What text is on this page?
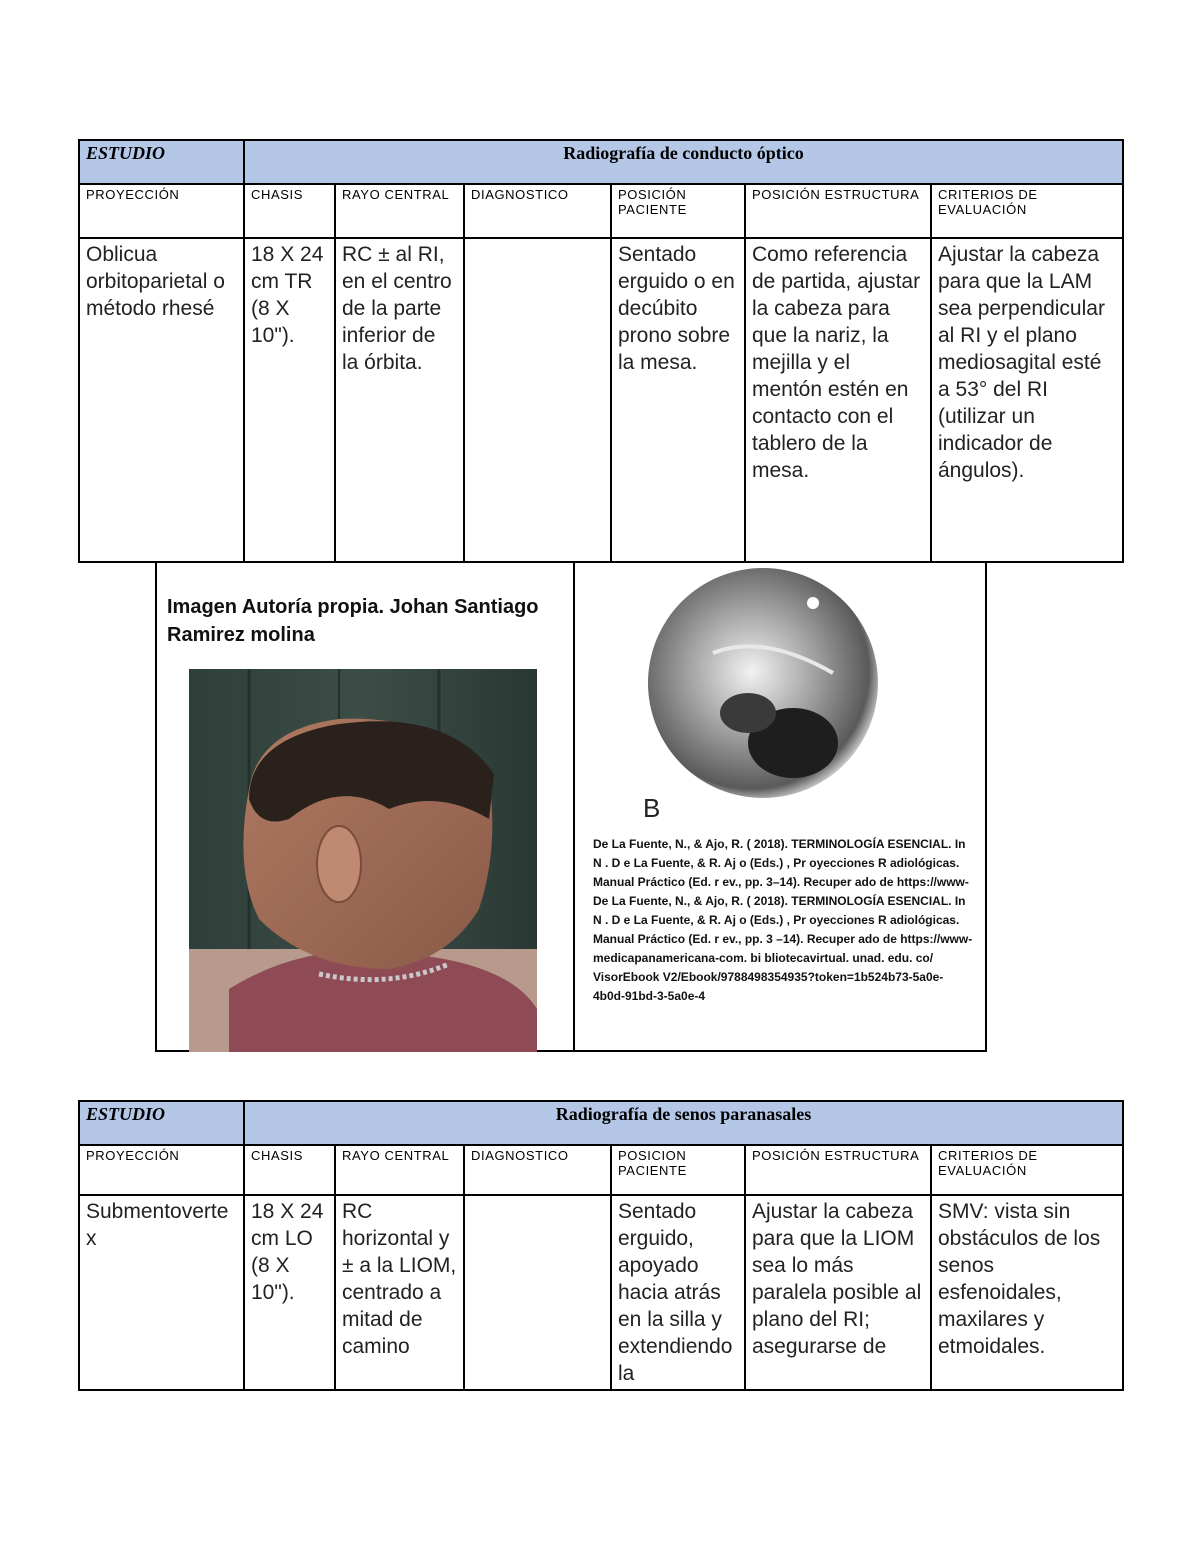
ESTUDIO	Radiografía de conducto óptico					
PROYECCIÓN	CHASIS	RAYO CENTRAL	DIAGNOSTICO	POSICIÓN PACIENTE	POSICIÓN ESTRUCTURA	CRITERIOS DE EVALUACIÓN
Oblicua orbitoparietal o método rhesé	18 X 24 cm TR (8 X 10").	RC ± al RI, en el centro de la parte inferior de la órbita.		Sentado erguido o en decúbito prono sobre la mesa.	Como referencia de partida, ajustar la cabeza para que la nariz, la mejilla y el mentón estén en contacto con el tablero de la mesa.	Ajustar la cabeza para que la LAM sea perpendicular al RI y el plano mediosagital esté a 53° del RI (utilizar un indicador de ángulos).
Imagen Autoría propia. Johan Santiago Ramirez molina
B
De La Fuente, N., & Ajo, R. ( 2018). TERMINOLOGÍA ESENCIAL. In N . D e La Fuente, & R. Aj o (Eds.) , Pr oyecciones R adiológicas. Manual Práctico (Ed. r ev., pp. 3–14). Recuper ado de https://www- De La Fuente, N., & Ajo, R. ( 2018). TERMINOLOGÍA ESENCIAL. In N . D e La Fuente, & R. Aj o (Eds.) , Pr oyecciones R adiológicas. Manual Práctico (Ed. r ev., pp. 3 –14). Recuper ado de https://www- medicapanamericana-com. bi bliotecavirtual. unad. edu. co/ VisorEbook V2/Ebook/9788498354935?token=1b524b73-5a0e-4b0d-91bd-3-5a0e-4
ESTUDIO	Radiografía de senos paranasales					
PROYECCIÓN	CHASIS	RAYO CENTRAL	DIAGNOSTICO	POSICION PACIENTE	POSICIÓN ESTRUCTURA	CRITERIOS DE EVALUACIÓN
Submentovertex	18 X 24 cm LO (8 X 10").	RC horizontal y ± a la LIOM, centrado a mitad de camino		Sentado erguido, apoyado hacia atrás en la silla y extendiendo la	Ajustar la cabeza para que la LIOM sea lo más paralela posible al plano del RI; asegurarse de	SMV: vista sin obstáculos de los senos esfenoidales, maxilares y etmoidales.
